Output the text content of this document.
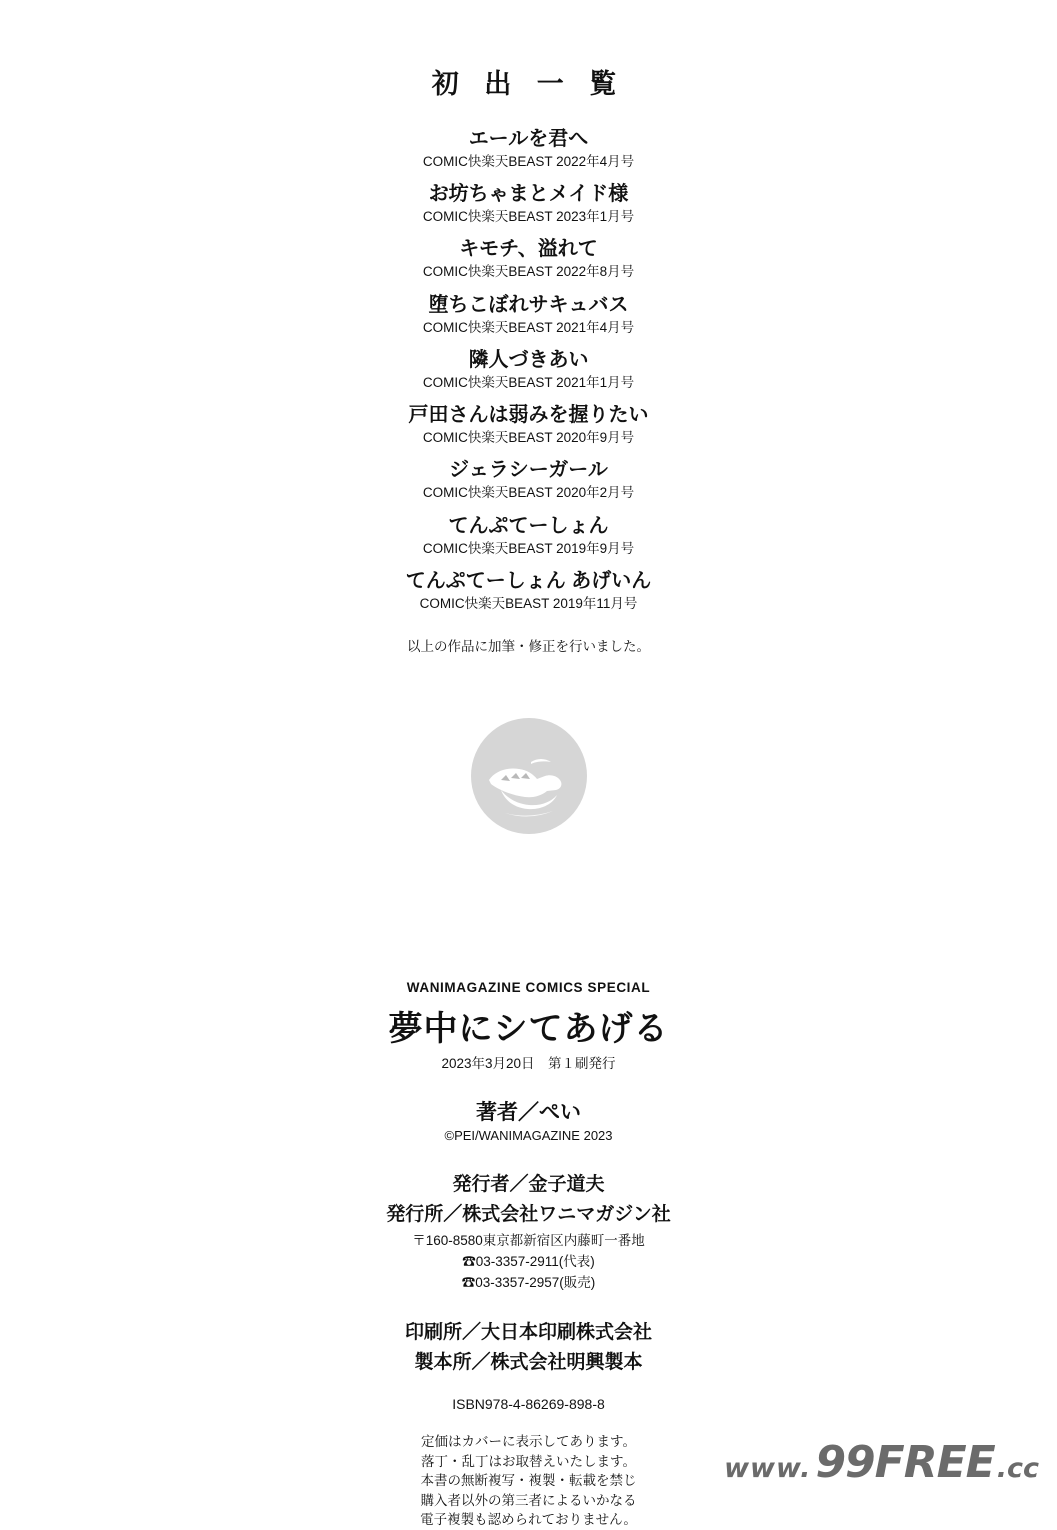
初 出 一 覧
エールを君へ
COMIC快楽天BEAST 2022年4月号
お坊ちゃまとメイド様
COMIC快楽天BEAST 2023年1月号
キモチ、溢れて
COMIC快楽天BEAST 2022年8月号
堕ちこぼれサキュバス
COMIC快楽天BEAST 2021年4月号
隣人づきあい
COMIC快楽天BEAST 2021年1月号
戸田さんは弱みを握りたい
COMIC快楽天BEAST 2020年9月号
ジェラシーガール
COMIC快楽天BEAST 2020年2月号
てんぷてーしょん
COMIC快楽天BEAST 2019年9月号
てんぷてーしょん あげいん
COMIC快楽天BEAST 2019年11月号
以上の作品に加筆・修正を行いました。
WANIMAGAZINE COMICS SPECIAL
夢中にシてあげる
2023年3月20日　第１刷発行
著者／ぺい
©PEI/WANIMAGAZINE 2023
発行者／金子道夫
発行所／株式会社ワニマガジン社
〒160-8580東京都新宿区内藤町一番地
☎03-3357-2911(代表)
☎03-3357-2957(販売)
印刷所／大日本印刷株式会社
製本所／株式会社明興製本
ISBN978-4-86269-898-8
定価はカバーに表示してあります。
落丁・乱丁はお取替えいたします。
本書の無断複写・複製・転載を禁じ
購入者以外の第三者によるいかなる
電子複製も認められておりません。
www. 99FREE .cc
